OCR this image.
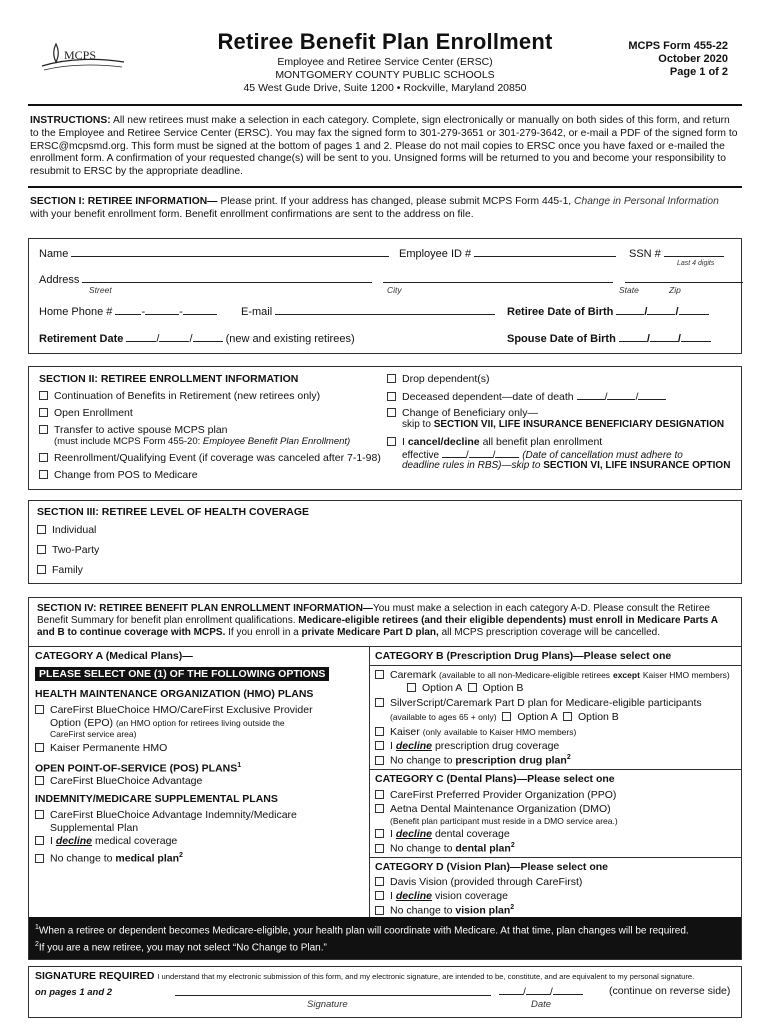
MCPS
Retiree Benefit Plan Enrollment
Employee and Retiree Service Center (ERSC)
MONTGOMERY COUNTY PUBLIC SCHOOLS
45 West Gude Drive, Suite 1200 • Rockville, Maryland 20850
MCPS Form 455-22
October 2020
Page 1 of 2
INSTRUCTIONS: All new retirees must make a selection in each category. Complete, sign electronically or manually on both sides of this form, and return to the Employee and Retiree Service Center (ERSC). You may fax the signed form to 301-279-3651 or 301-279-3642, or e-mail a PDF of the signed form to ERSC@mcpsmd.org. This form must be signed at the bottom of pages 1 and 2. Please do not mail copies to ERSC once you have faxed or e-mailed the enrollment form. A confirmation of your requested change(s) will be sent to you. Unsigned forms will be returned to you and become your responsibility to resubmit to ERSC by the appropriate deadline.
SECTION I: RETIREE INFORMATION— Please print. If your address has changed, please submit MCPS Form 445-1, Change in Personal Information with your benefit enrollment form. Benefit enrollment confirmations are sent to the address on file.
Name	Employee ID #	SSN #
Last 4 digits
Address
Street	City	State	Zip
Home Phone #	-	-	E-mail	Retiree Date of Birth	/	/
Retirement Date	/	/	(new and existing retirees)	Spouse Date of Birth	/	/
SECTION II: RETIREE ENROLLMENT INFORMATION
Continuation of Benefits in Retirement (new retirees only)
Open Enrollment
Transfer to active spouse MCPS plan
(must include MCPS Form 455-20: Employee Benefit Plan Enrollment)
Reenrollment/Qualifying Event (if coverage was canceled after 7-1-98)
Change from POS to Medicare
Drop dependent(s)
Deceased dependent—date of death	/	/
Change of Beneficiary only—
skip to SECTION VII, LIFE INSURANCE BENEFICIARY DESIGNATION
I cancel/decline all benefit plan enrollment
effective	/ /	(Date of cancellation must adhere to
deadline rules in RBS)—skip to SECTION VI, LIFE INSURANCE OPTION
SECTION III: RETIREE LEVEL OF HEALTH COVERAGE
Individual
Two-Party
Family
SECTION IV: RETIREE BENEFIT PLAN ENROLLMENT INFORMATION—You must make a selection in each category A-D. Please consult the Retiree Benefit Summary for benefit plan enrollment qualifications. Medicare-eligible retirees (and their eligible dependents) must enroll in Medicare Parts A and B to continue coverage with MCPS. If you enroll in a private Medicare Part D plan, all MCPS prescription coverage will be cancelled.
CATEGORY A (Medical Plans)—
PLEASE SELECT ONE (1) OF THE FOLLOWING OPTIONS
HEALTH MAINTENANCE ORGANIZATION (HMO) PLANS
CareFirst BlueChoice HMO/CareFirst Exclusive Provider
Option (EPO) (an HMO option for retirees living outside the
CareFirst service area)
Kaiser Permanente HMO
OPEN POINT-OF-SERVICE (POS) PLANS$^1$
CareFirst BlueChoice Advantage
INDEMNITY/MEDICARE SUPPLEMENTAL PLANS
CareFirst BlueChoice Advantage Indemnity/Medicare
Supplemental Plan
I decline medical coverage
No change to medical plan$^2$
CATEGORY B (Prescription Drug Plans)—Please select one
Caremark (available to all non-Medicare-eligible retirees except Kaiser HMO members)
Option A Option B
SilverScript/Caremark Part D plan for Medicare-eligible participants
(available to ages 65 + only) Option A Option B
Kaiser (only available to Kaiser HMO members)
I decline prescription drug coverage
No change to prescription drug plan$^2$
CATEGORY C (Dental Plans)—Please select one
CareFirst Preferred Provider Organization (PPO)
Aetna Dental Maintenance Organization (DMO)
(Benefit plan participant must reside in a DMO service area.)
I decline dental coverage
No change to dental plan$^2$
CATEGORY D (Vision Plan)—Please select one
Davis Vision (provided through CareFirst)
I decline vision coverage
No change to vision plan$^2$
$^1$When a retiree or dependent becomes Medicare-eligible, your health plan will coordinate with Medicare. At that time, plan changes will be required.
$^2$If you are a new retiree, you may not select “No Change to Plan.”
SIGNATURE REQUIRED I understand that my electronic submission of this form, and my electronic signature, are intended to be, constitute, and are equivalent to my personal signature.
on pages 1 and 2	/ /	(continue on reverse side)
Signature	Date
